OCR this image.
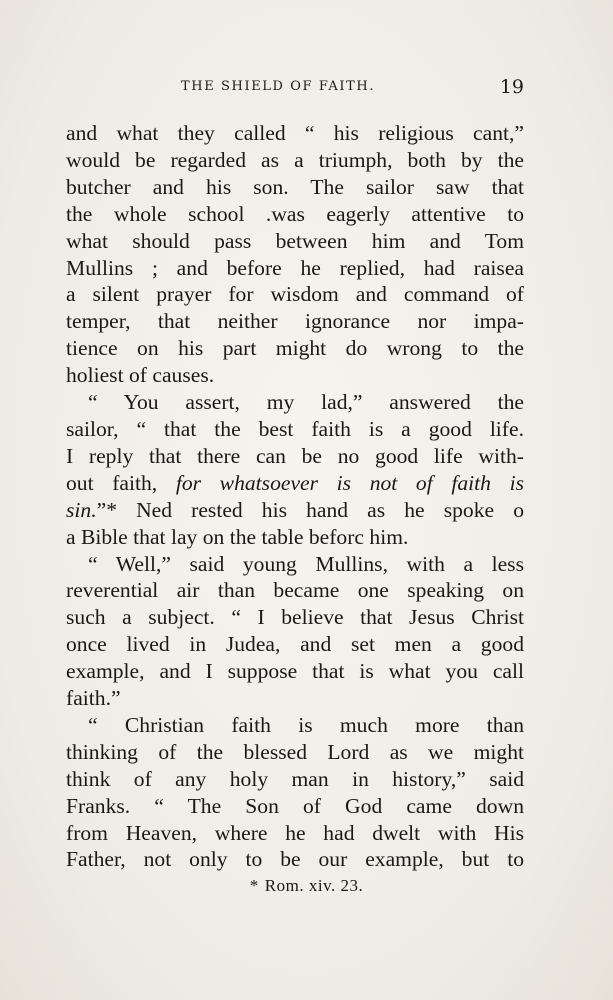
THE SHIELD OF FAITH.	19
and what they called “ his religious cant,”
would be regarded as a triumph, both by the
butcher and his son. The sailor saw that
the whole school .was eagerly attentive to
what should pass between him and Tom
Mullins ; and before he replied, had raisea
a silent prayer for wisdom and command of
temper, that neither ignorance nor impa-
tience on his part might do wrong to the
holiest of causes.
“ You assert, my lad,” answered the
sailor, “ that the best faith is a good life.
I reply that there can be no good life with-
out faith, for whatsoever is not of faith is
sin.”* Ned rested his hand as he spoke o
a Bible that lay on the table beforc him.
“ Well,” said young Mullins, with a less
reverential air than became one speaking on
such a subject. “ I believe that Jesus Christ
once lived in Judea, and set men a good
example, and I suppose that is what you call
faith.”
“ Christian faith is much more than
thinking of the blessed Lord as we might
think of any holy man in history,” said
Franks. “ The Son of God came down
from Heaven, where he had dwelt with His
Father, not only to be our example, but to
* Rom. xiv. 23.
